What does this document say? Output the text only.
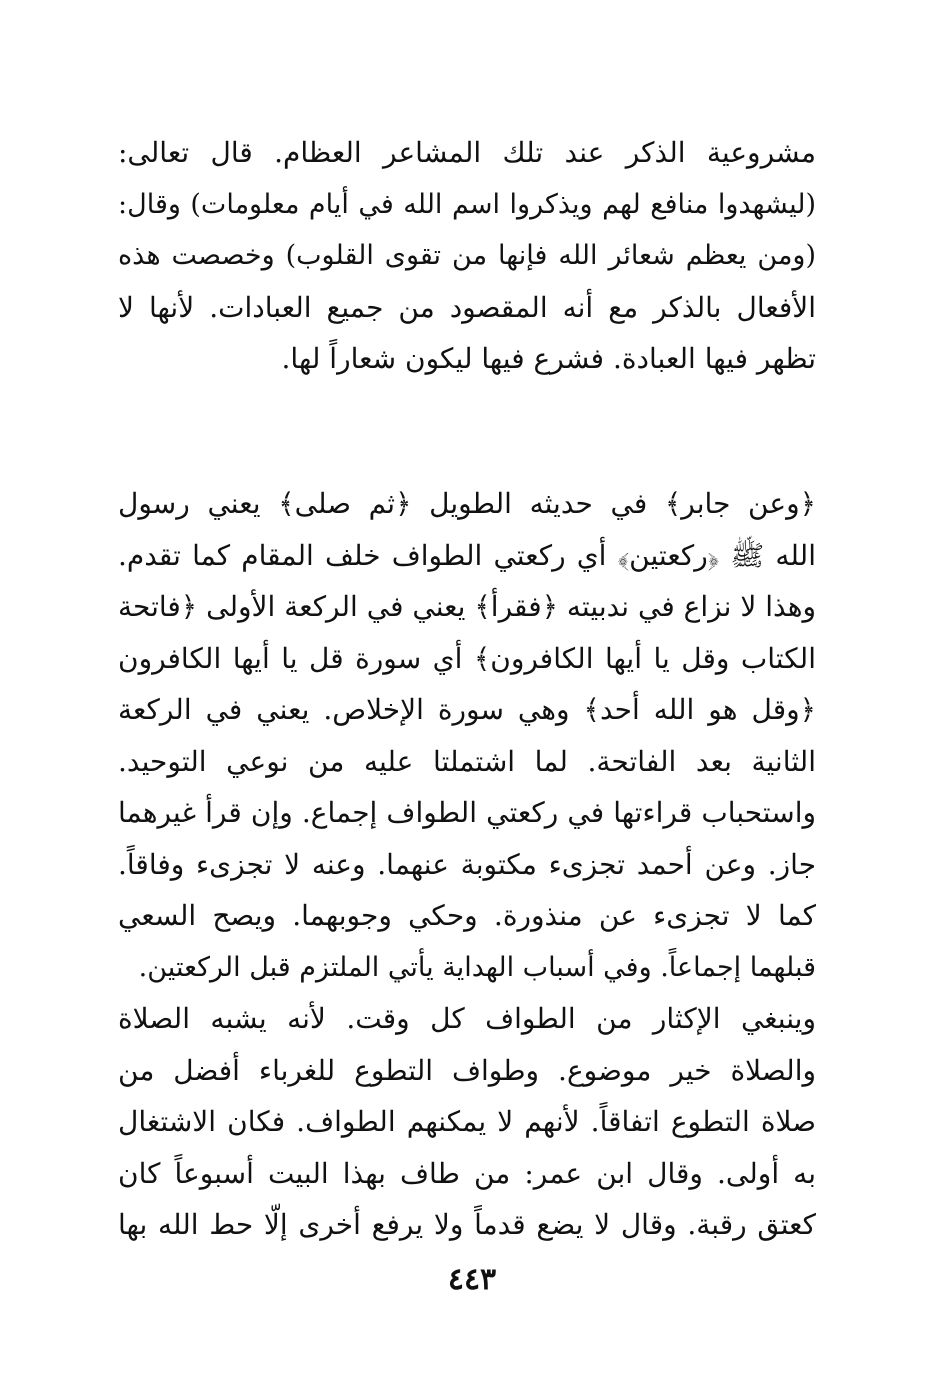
مشروعية الذكر عند تلك المشاعر العظام. قال تعالى:
(ليشهدوا منافع لهم ويذكروا اسم الله في أيام معلومات) وقال:
(ومن يعظم شعائر الله فإنها من تقوى القلوب) وخصصت هذه
الأفعال بالذكر مع أنه المقصود من جميع العبادات. لأنها لا
تظهر فيها العبادة. فشرع فيها ليكون شعاراً لها.
﴿وعن جابر﴾ في حديثه الطويل ﴿ثم صلى﴾ يعني رسول
الله ﷺ ﴿ركعتين﴾ أي ركعتي الطواف خلف المقام كما تقدم.
وهذا لا نزاع في ندبيته ﴿فقرأ﴾ يعني في الركعة الأولى ﴿فاتحة
الكتاب وقل يا أيها الكافرون﴾ أي سورة قل يا أيها الكافرون
﴿وقل هو الله أحد﴾ وهي سورة الإخلاص. يعني في الركعة
الثانية بعد الفاتحة. لما اشتملتا عليه من نوعي التوحيد.
واستحباب قراءتها في ركعتي الطواف إجماع. وإن قرأ غيرهما
جاز. وعن أحمد تجزىء مكتوبة عنهما. وعنه لا تجزىء وفاقاً.
كما لا تجزىء عن منذورة. وحكي وجوبهما. ويصح السعي
قبلهما إجماعاً. وفي أسباب الهداية يأتي الملتزم قبل الركعتين.
وينبغي الإكثار من الطواف كل وقت. لأنه يشبه الصلاة
والصلاة خير موضوع. وطواف التطوع للغرباء أفضل من
صلاة التطوع اتفاقاً. لأنهم لا يمكنهم الطواف. فكان الاشتغال
به أولى. وقال ابن عمر: من طاف بهذا البيت أسبوعاً كان
كعتق رقبة. وقال لا يضع قدماً ولا يرفع أخرى إلّا حط الله بها
٤٤٣
